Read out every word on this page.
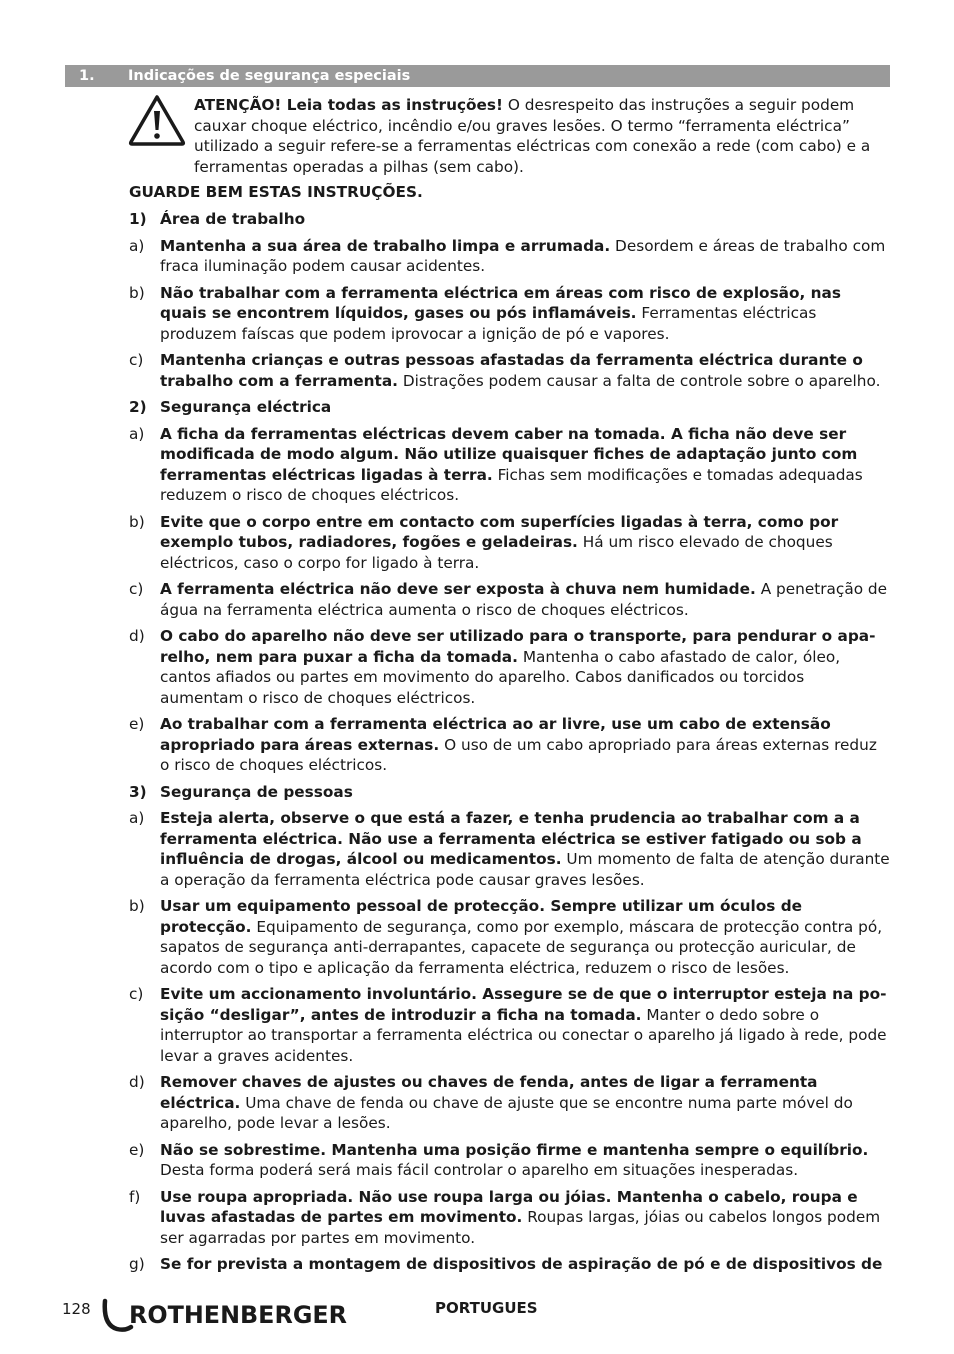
1. Indicações de segurança especiais
ATENÇÃO! Leia todas as instruções! O desrespeito das instruções a seguir podem cauxar choque eléctrico, incêndio e/ou graves lesões. O termo “ferramenta eléctrica” utilizado a seguir refere-se a ferramentas eléctricas com conexão a rede (com cabo) e a ferramentas operadas a pilhas (sem cabo).
GUARDE BEM ESTAS INSTRUÇÕES.
1) Área de trabalho
a) Mantenha a sua área de trabalho limpa e arrumada. Desordem e áreas de trabalho com fraca iluminação podem causar acidentes.
b) Não trabalhar com a ferramenta eléctrica em áreas com risco de explosão, nas quais se encontrem líquidos, gases ou pós inflamáveis. Ferramentas eléctricas produzem faíscas que podem iprovocar a ignição de pó e vapores.
c) Mantenha crianças e outras pessoas afastadas da ferramenta eléctrica durante o trabalho com a ferramenta. Distrações podem causar a falta de controle sobre o aparelho.
2) Segurança eléctrica
a) A ficha da ferramentas eléctricas devem caber na tomada. A ficha não deve ser modificada de modo algum. Não utilize quaisquer fiches de adaptação junto com ferramentas eléctricas ligadas à terra. Fichas sem modificações e tomadas adequadas reduzem o risco de choques eléctricos.
b) Evite que o corpo entre em contacto com superfícies ligadas à terra, como por exemplo tubos, radiadores, fogões e geladeiras. Há um risco elevado de choques eléctricos, caso o corpo for ligado à terra.
c) A ferramenta eléctrica não deve ser exposta à chuva nem humidade. A penetração de água na ferramenta eléctrica aumenta o risco de choques eléctricos.
d) O cabo do aparelho não deve ser utilizado para o transporte, para pendurar o aparelho, nem para puxar a ficha da tomada. Mantenha o cabo afastado de calor, óleo, cantos afiados ou partes em movimento do aparelho. Cabos danificados ou torcidos aumentam o risco de choques eléctricos.
e) Ao trabalhar com a ferramenta eléctrica ao ar livre, use um cabo de extensão apropriado para áreas externas. O uso de um cabo apropriado para áreas externas reduz o risco de choques eléctricos.
3) Segurança de pessoas
a) Esteja alerta, observe o que está a fazer, e tenha prudencia ao trabalhar com a a ferramenta eléctrica. Não use a ferramenta eléctrica se estiver fatigado ou sob a influência de drogas, álcool ou medicamentos. Um momento de falta de atenção durante a operação da ferramenta eléctrica pode causar graves lesões.
b) Usar um equipamento pessoal de protecção. Sempre utilizar um óculos de protecção. Equipamento de segurança, como por exemplo, máscara de protecção contra pó, sapatos de segurança anti-derrapantes, capacete de segurança ou protecção auricular, de acordo com o tipo e aplicação da ferramenta eléctrica, reduzem o risco de lesões.
c) Evite um accionamento involuntário. Assegure se de que o interruptor esteja na posição “desligar”, antes de introduzir a ficha na tomada. Manter o dedo sobre o interruptor ao transportar a ferramenta eléctrica ou conectar o aparelho já ligado à rede, pode levar a graves acidentes.
d) Remover chaves de ajustes ou chaves de fenda, antes de ligar a ferramenta eléctrica. Uma chave de fenda ou chave de ajuste que se encontre numa parte móvel do aparelho, pode levar a lesões.
e) Não se sobrestime. Mantenha uma posição firme e mantenha sempre o equilíbrio. Desta forma poderá será mais fácil controlar o aparelho em situações inesperadas.
f) Use roupa apropriada. Não use roupa larga ou jóias. Mantenha o cabelo, roupa e luvas afastadas de partes em movimento. Roupas largas, jóias ou cabelos longos podem ser agarradas por partes em movimento.
g) Se for prevista a montagem de dispositivos de aspiração de pó e de dispositivos de
128 ROTHENBERGER	PORTUGUES
